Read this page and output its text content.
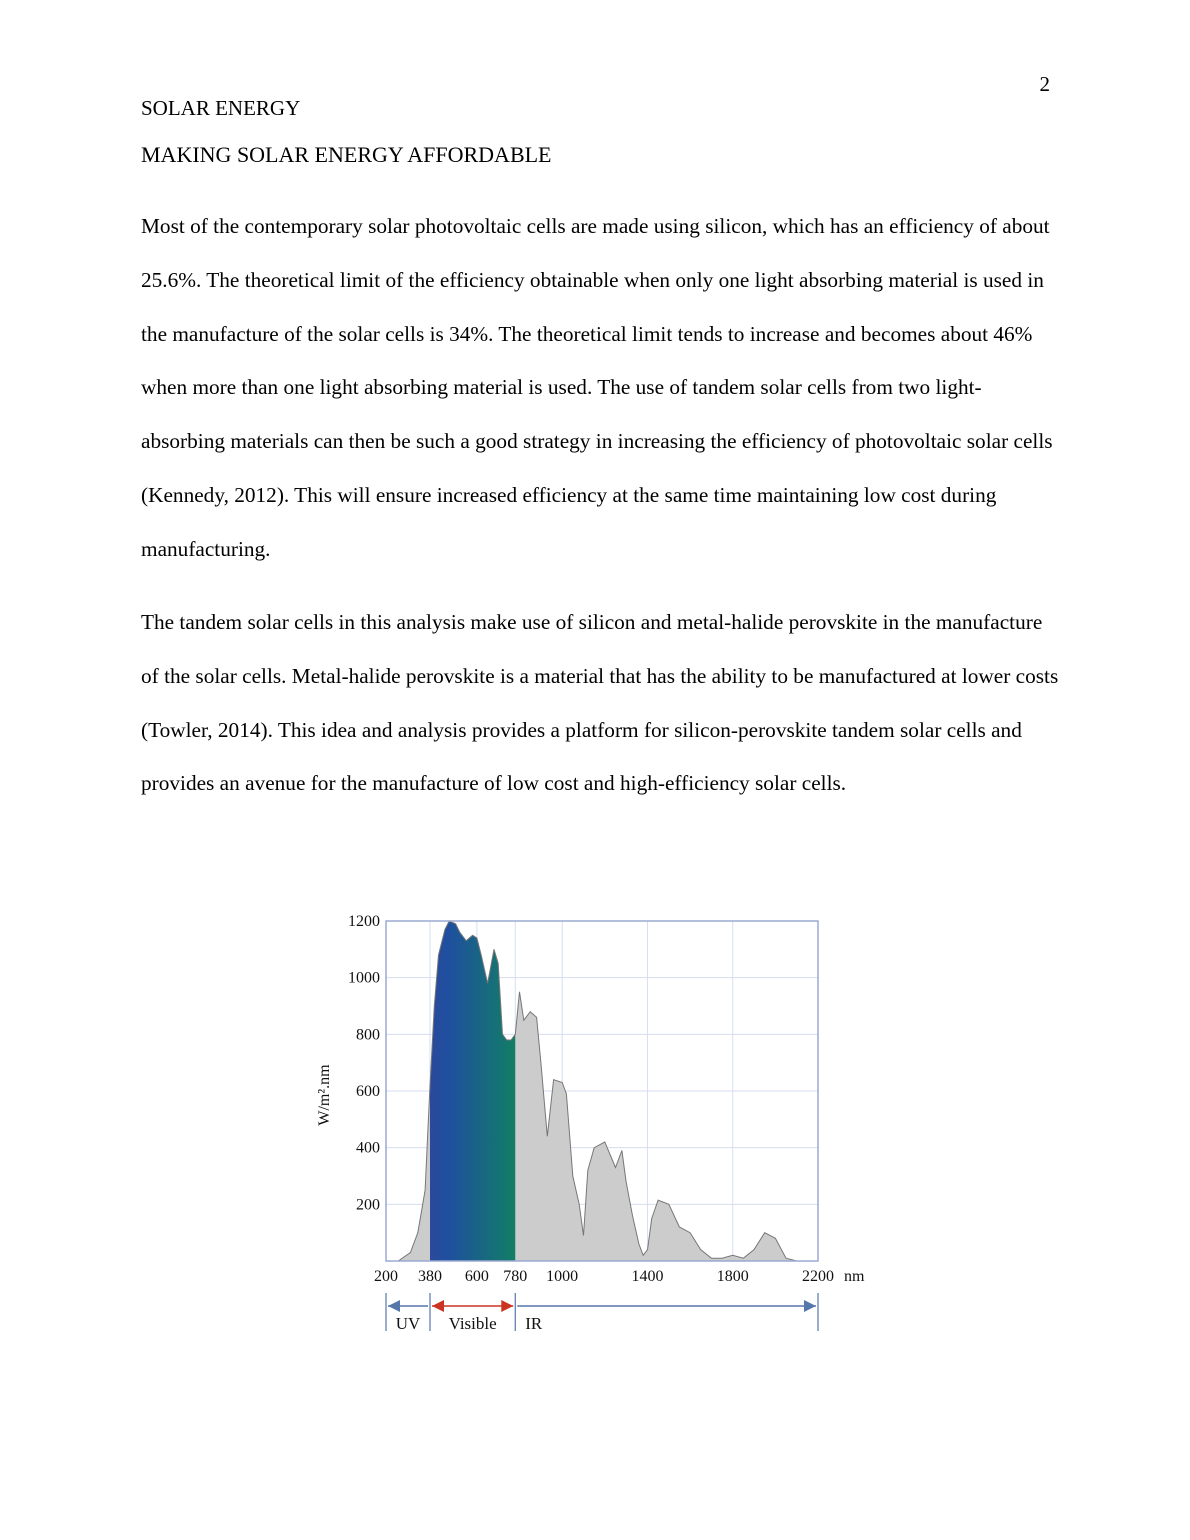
2
SOLAR ENERGY
MAKING SOLAR ENERGY AFFORDABLE

Most of the contemporary solar photovoltaic cells are made using silicon, which has an efficiency of about 25.6%. The theoretical limit of the efficiency obtainable when only one light absorbing material is used in the manufacture of the solar cells is 34%. The theoretical limit tends to increase and becomes about 46% when more than one light absorbing material is used. The use of tandem solar cells from two light-absorbing materials can then be such a good strategy in increasing the efficiency of photovoltaic solar cells (Kennedy, 2012). This will ensure increased efficiency at the same time maintaining low cost during manufacturing.

The tandem solar cells in this analysis make use of silicon and metal-halide perovskite in the manufacture of the solar cells. Metal-halide perovskite is a material that has the ability to be manufactured at lower costs (Towler, 2014). This idea and analysis provides a platform for silicon-perovskite tandem solar cells and provides an avenue for the manufacture of low cost and high-efficiency solar cells.

200
400
600
800
1000
1200
200 380 600 780 1000	1400	1800	2200 nm
W/m².nm
UV Visible IR
